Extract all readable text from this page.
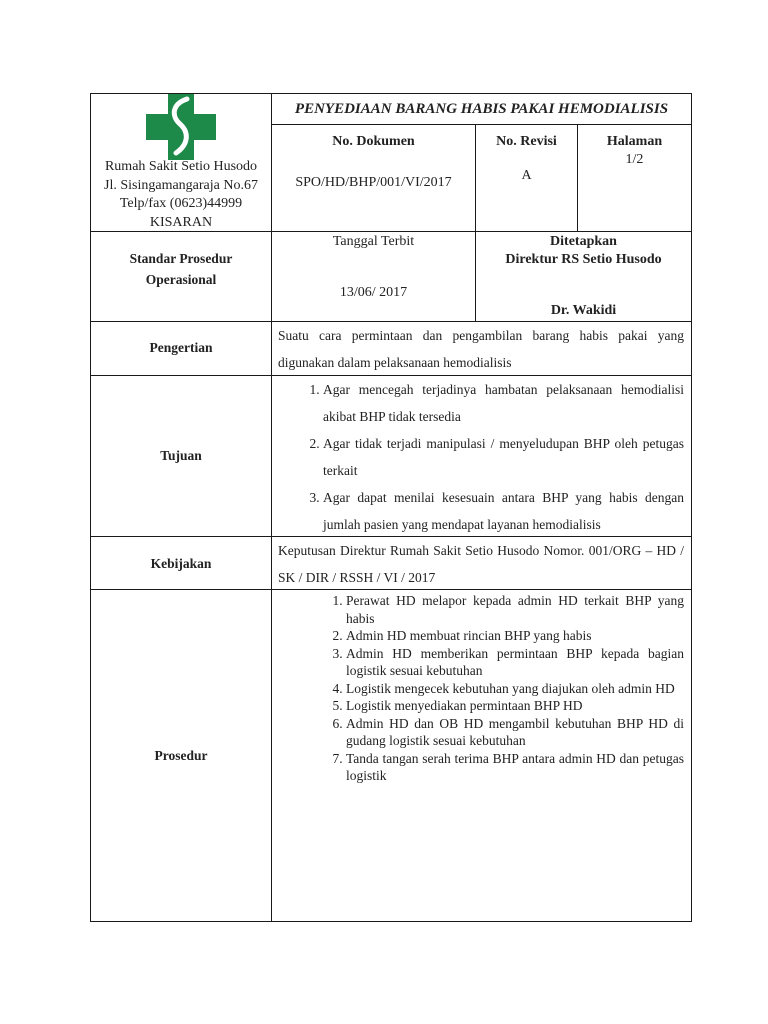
Rumah Sakit Setio Husodo
Jl. Sisingamangaraja No.67
Telp/fax (0623)44999
KISARAN
PENYEDIAAN BARANG HABIS PAKAI HEMODIALISIS
No. Dokumen
SPO/HD/BHP/001/VI/2017
No. Revisi
A
Halaman
1/2
Standar Prosedur
Operasional
Tanggal Terbit
13/06/ 2017
Ditetapkan
Direktur RS Setio Husodo
Dr. Wakidi
Pengertian
Suatu cara permintaan dan pengambilan barang habis pakai yang digunakan dalam pelaksanaan hemodialisis
Tujuan
1. Agar mencegah terjadinya hambatan pelaksanaan hemodialisi akibat BHP tidak tersedia
2. Agar tidak terjadi manipulasi / menyeludupan BHP oleh petugas terkait
3. Agar dapat menilai kesesuain antara BHP yang habis dengan jumlah pasien yang mendapat layanan hemodialisis
Kebijakan
Keputusan Direktur Rumah Sakit Setio Husodo Nomor. 001/ORG – HD / SK / DIR / RSSH / VI / 2017
Prosedur
1. Perawat HD melapor kepada admin HD terkait BHP yang habis
2. Admin HD membuat rincian BHP yang habis
3. Admin HD memberikan permintaan BHP kepada bagian logistik sesuai kebutuhan
4. Logistik mengecek kebutuhan yang diajukan oleh admin HD
5. Logistik menyediakan permintaan BHP HD
6. Admin HD dan OB HD mengambil kebutuhan BHP HD di gudang logistik sesuai kebutuhan
7. Tanda tangan serah terima BHP antara admin HD dan petugas logistik
